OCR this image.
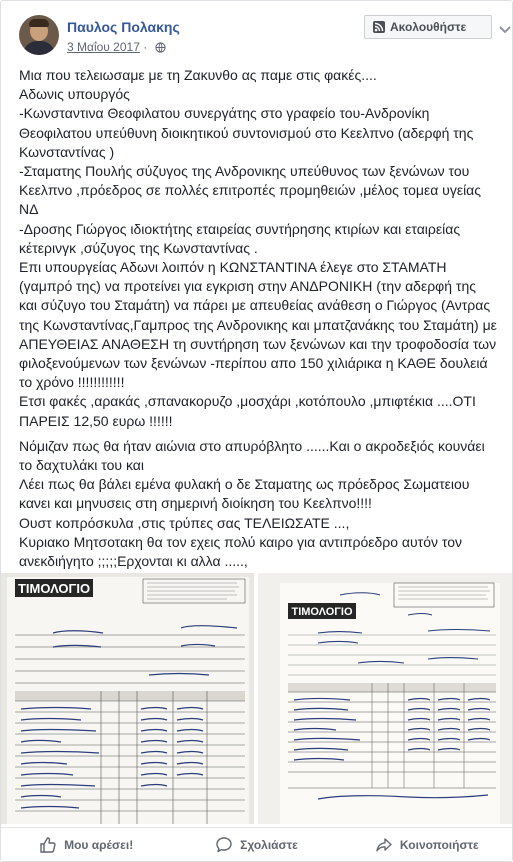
Παυλος Πολακης
3 Μαΐου 2017 ·
Ακολουθήστε

Μια που τελειωσαμε με τη Ζακυνθο ας παμε στις φακές....
Αδωνις υπουργός
-Κωνσταντινα Θεοφιλατου συνεργάτης στο γραφείο του-Ανδρονίκη Θεοφιλατου υπεύθυνη διοικητικού συντονισμού στο Κεελπνο (αδερφή της Κωνσταντίνας )
-Σταματης Πουλής σύζυγος της Ανδρονικης υπεύθυνος των ξενώνων του Κεελπνο ,πρόεδρος σε πολλές επιτροπές προμηθειών ,μέλος τομεα υγείας ΝΔ
-Δροσης Γιώργος ιδιοκτήτης εταιρείας συντήρησης κτιρίων και εταιρείας κέτερινγκ ,σύζυγος της Κωνσταντίνας .
Επι υπουργείας Αδωνι λοιπόν η ΚΩΝΣΤΑΝΤΙΝΑ έλεγε στο ΣΤΑΜΑΤΗ (γαμπρό της) να προτείνει για εγκριση στην ΑΝΔΡΟΝΙΚΗ (την αδερφή της και σύζυγο του Σταμάτη) να πάρει με απευθείας ανάθεση ο Γιώργος (Αντρας της Κωνσταντίνας,Γαμπρος της Ανδρονικης και μπατζανάκης του Σταμάτη) με ΑΠΕΥΘΕΙΑΣ ΑΝΑΘΕΣΗ τη συντήρηση των ξενώνων και την τροφοδοσία των φιλοξενούμενων των ξενώνων -περίπου απο 150 χιλιάρικα η ΚΑΘΕ δουλειά το χρόνο !!!!!!!!!!!!
Ετσι φακές ,αρακάς ,σπανακορυζο ,μοσχάρι ,κοτόπουλο ,μπιφτέκια ....ΟΤΙ ΠΑΡΕΙΣ 12,50 ευρω !!!!!!

Νόμιζαν πως θα ήταν αιώνια στο απυρόβλητο ......Και ο ακροδεξιός κουνάει το δαχτυλάκι του και
Λέει πως θα βάλει εμένα φυλακή ο δε Σταματης ως πρόεδρος Σωματειου κανει και μηνυσεις στη σημερινή διοίκηση του Κεελπνο!!!!
Ουστ κοπρόσκυλα ,στις τρύπες σας ΤΕΛΕΙΩΣΑΤΕ ...,
Κυριακο Μητσοτακη θα τον εχεις πολύ καιρο για αντιπρόεδρο αυτόν τον ανεκδιήγητο ;;;;;Ερχονται κι αλλα .....,

ΤΙΜΟΛΟΓΙΟ
ΤΙΜΟΛΟΓΙΟ
Μου αρέσει!	Σχολιάστε	Κοινοποιήστε
